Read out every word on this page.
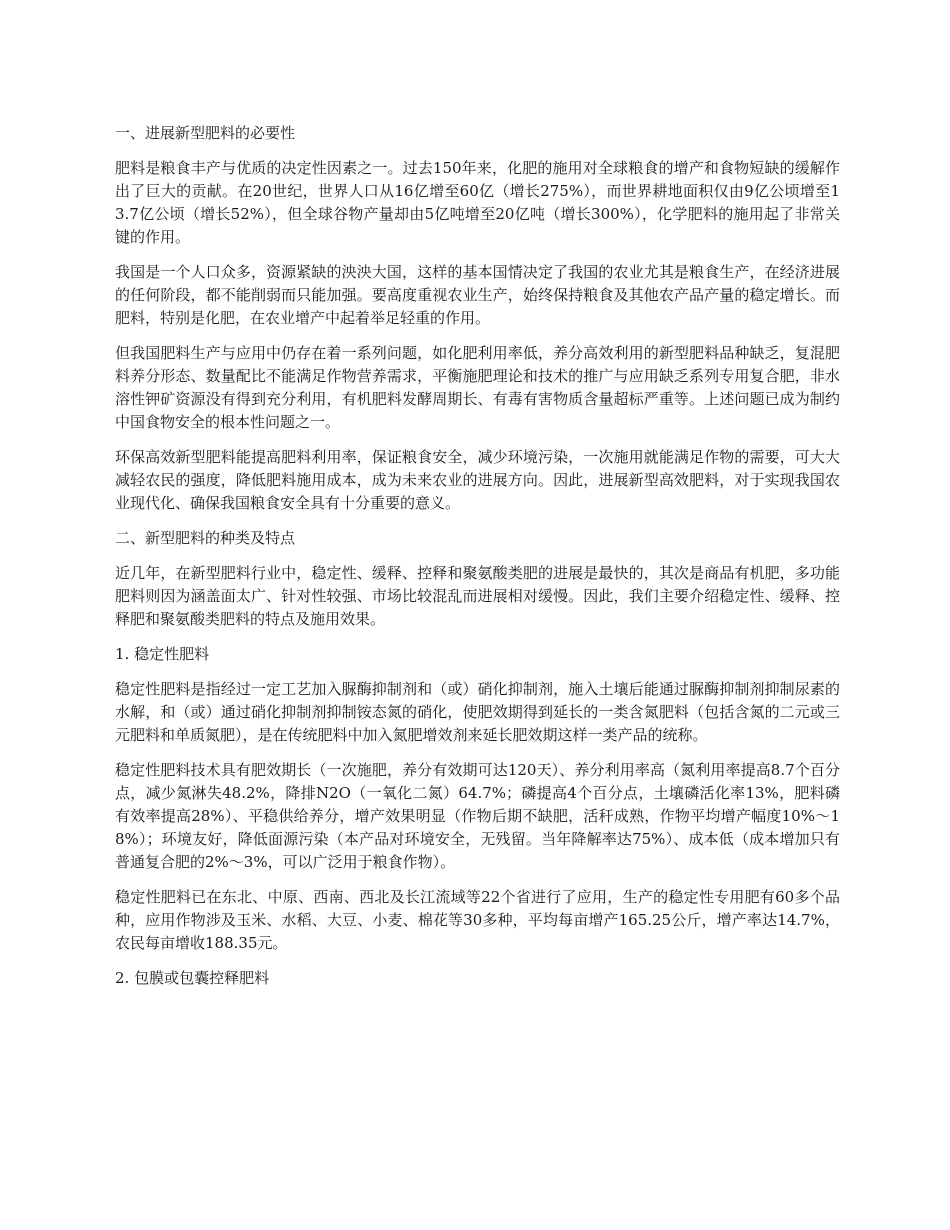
一、进展新型肥料的必要性
肥料是粮食丰产与优质的决定性因素之一。过去150年来，化肥的施用对全球粮食的增产和食物短缺的缓解作出了巨大的贡献。在20世纪，世界人口从16亿增至60亿（增长275%），而世界耕地面积仅由9亿公顷增至13.7亿公顷（增长52%），但全球谷物产量却由5亿吨增至20亿吨（增长300%），化学肥料的施用起了非常关键的作用。
我国是一个人口众多，资源紧缺的泱泱大国，这样的基本国情决定了我国的农业尤其是粮食生产，在经济进展的任何阶段，都不能削弱而只能加强。要高度重视农业生产，始终保持粮食及其他农产品产量的稳定增长。而肥料，特别是化肥，在农业增产中起着举足轻重的作用。
但我国肥料生产与应用中仍存在着一系列问题，如化肥利用率低，养分高效利用的新型肥料品种缺乏，复混肥料养分形态、数量配比不能满足作物营养需求，平衡施肥理论和技术的推广与应用缺乏系列专用复合肥，非水溶性钾矿资源没有得到充分利用，有机肥料发酵周期长、有毒有害物质含量超标严重等。上述问题已成为制约中国食物安全的根本性问题之一。
环保高效新型肥料能提高肥料利用率，保证粮食安全，减少环境污染，一次施用就能满足作物的需要，可大大减轻农民的强度，降低肥料施用成本，成为未来农业的进展方向。因此，进展新型高效肥料，对于实现我国农业现代化、确保我国粮食安全具有十分重要的意义。
二、新型肥料的种类及特点
近几年，在新型肥料行业中，稳定性、缓释、控释和聚氨酸类肥的进展是最快的，其次是商品有机肥，多功能肥料则因为涵盖面太广、针对性较强、市场比较混乱而进展相对缓慢。因此，我们主要介绍稳定性、缓释、控释肥和聚氨酸类肥料的特点及施用效果。
1. 稳定性肥料
稳定性肥料是指经过一定工艺加入脲酶抑制剂和（或）硝化抑制剂，施入土壤后能通过脲酶抑制剂抑制尿素的水解，和（或）通过硝化抑制剂抑制铵态氮的硝化，使肥效期得到延长的一类含氮肥料（包括含氮的二元或三元肥料和单质氮肥），是在传统肥料中加入氮肥增效剂来延长肥效期这样一类产品的统称。
稳定性肥料技术具有肥效期长（一次施肥，养分有效期可达120天）、养分利用率高（氮利用率提高8.7个百分点，减少氮淋失48.2%，降排N2O（一氧化二氮）64.7%；磷提高4个百分点，土壤磷活化率13%，肥料磷有效率提高28%）、平稳供给养分，增产效果明显（作物后期不缺肥，活秆成熟，作物平均增产幅度10%～18%）；环境友好，降低面源污染（本产品对环境安全，无残留。当年降解率达75%）、成本低（成本增加只有普通复合肥的2%～3%，可以广泛用于粮食作物）。
稳定性肥料已在东北、中原、西南、西北及长江流域等22个省进行了应用，生产的稳定性专用肥有60多个品种，应用作物涉及玉米、水稻、大豆、小麦、棉花等30多种，平均每亩增产165.25公斤，增产率达14.7%，农民每亩增收188.35元。
2. 包膜或包囊控释肥料
